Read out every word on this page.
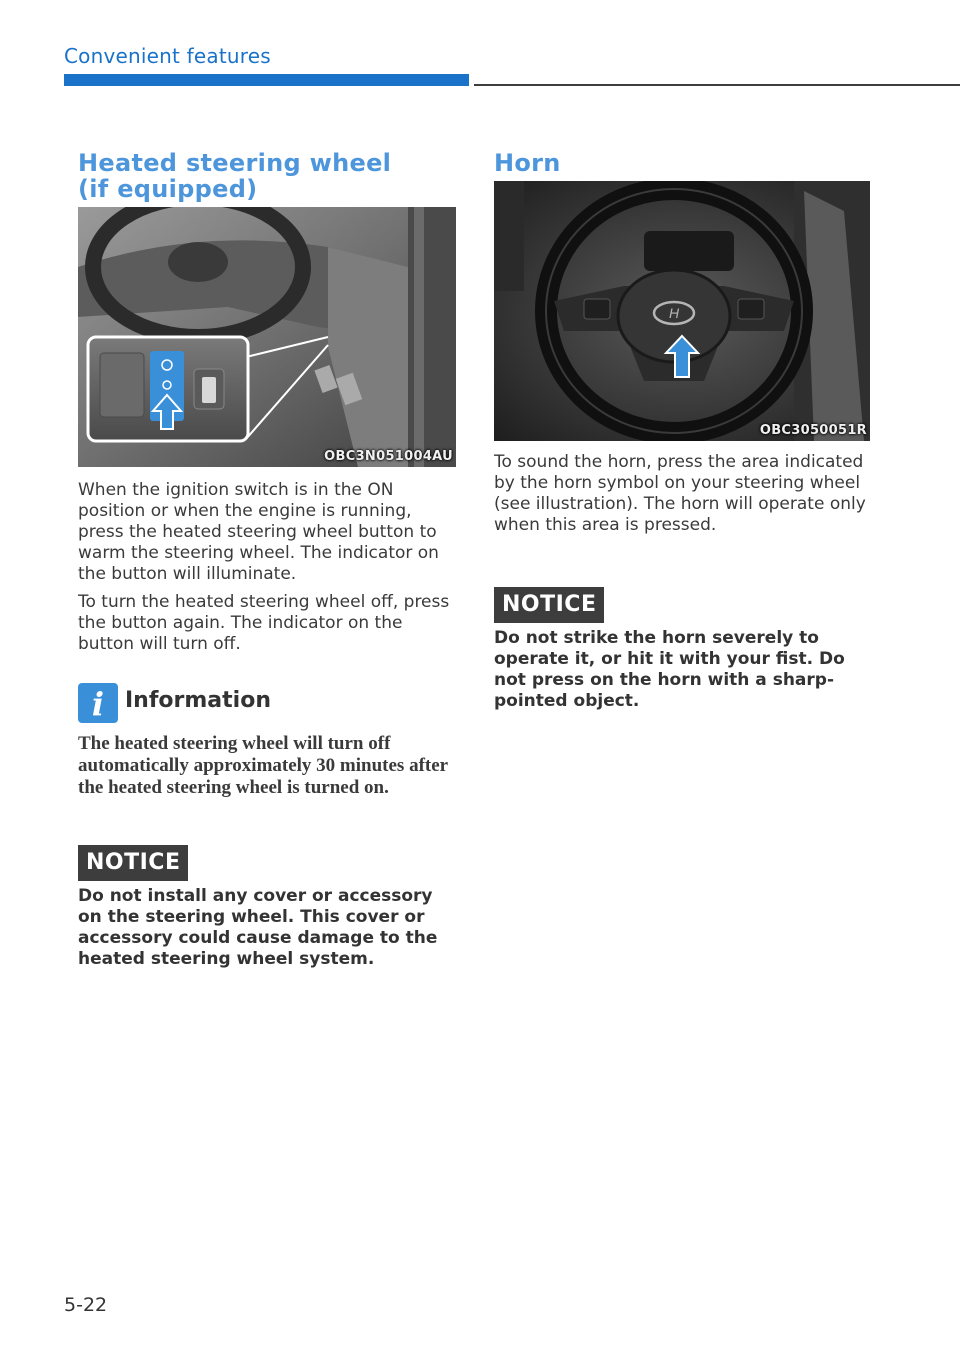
Convenient features
Heated steering wheel
(if equipped)
OBC3N051004AU
When the ignition switch is in the ON position or when the engine is running, press the heated steering wheel button to warm the steering wheel. The indicator on the button will illuminate.
To turn the heated steering wheel off, press the button again. The indicator on the button will turn off.
i Information
The heated steering wheel will turn off automatically approximately 30 minutes after the heated steering wheel is turned on.
NOTICE
Do not install any cover or accessory on the steering wheel. This cover or accessory could cause damage to the heated steering wheel system.
Horn
H
OBC3050051R
To sound the horn, press the area indicated by the horn symbol on your steering wheel (see illustration). The horn will operate only when this area is pressed.
NOTICE
Do not strike the horn severely to operate it, or hit it with your fist. Do not press on the horn with a sharp-pointed object.
5-22
